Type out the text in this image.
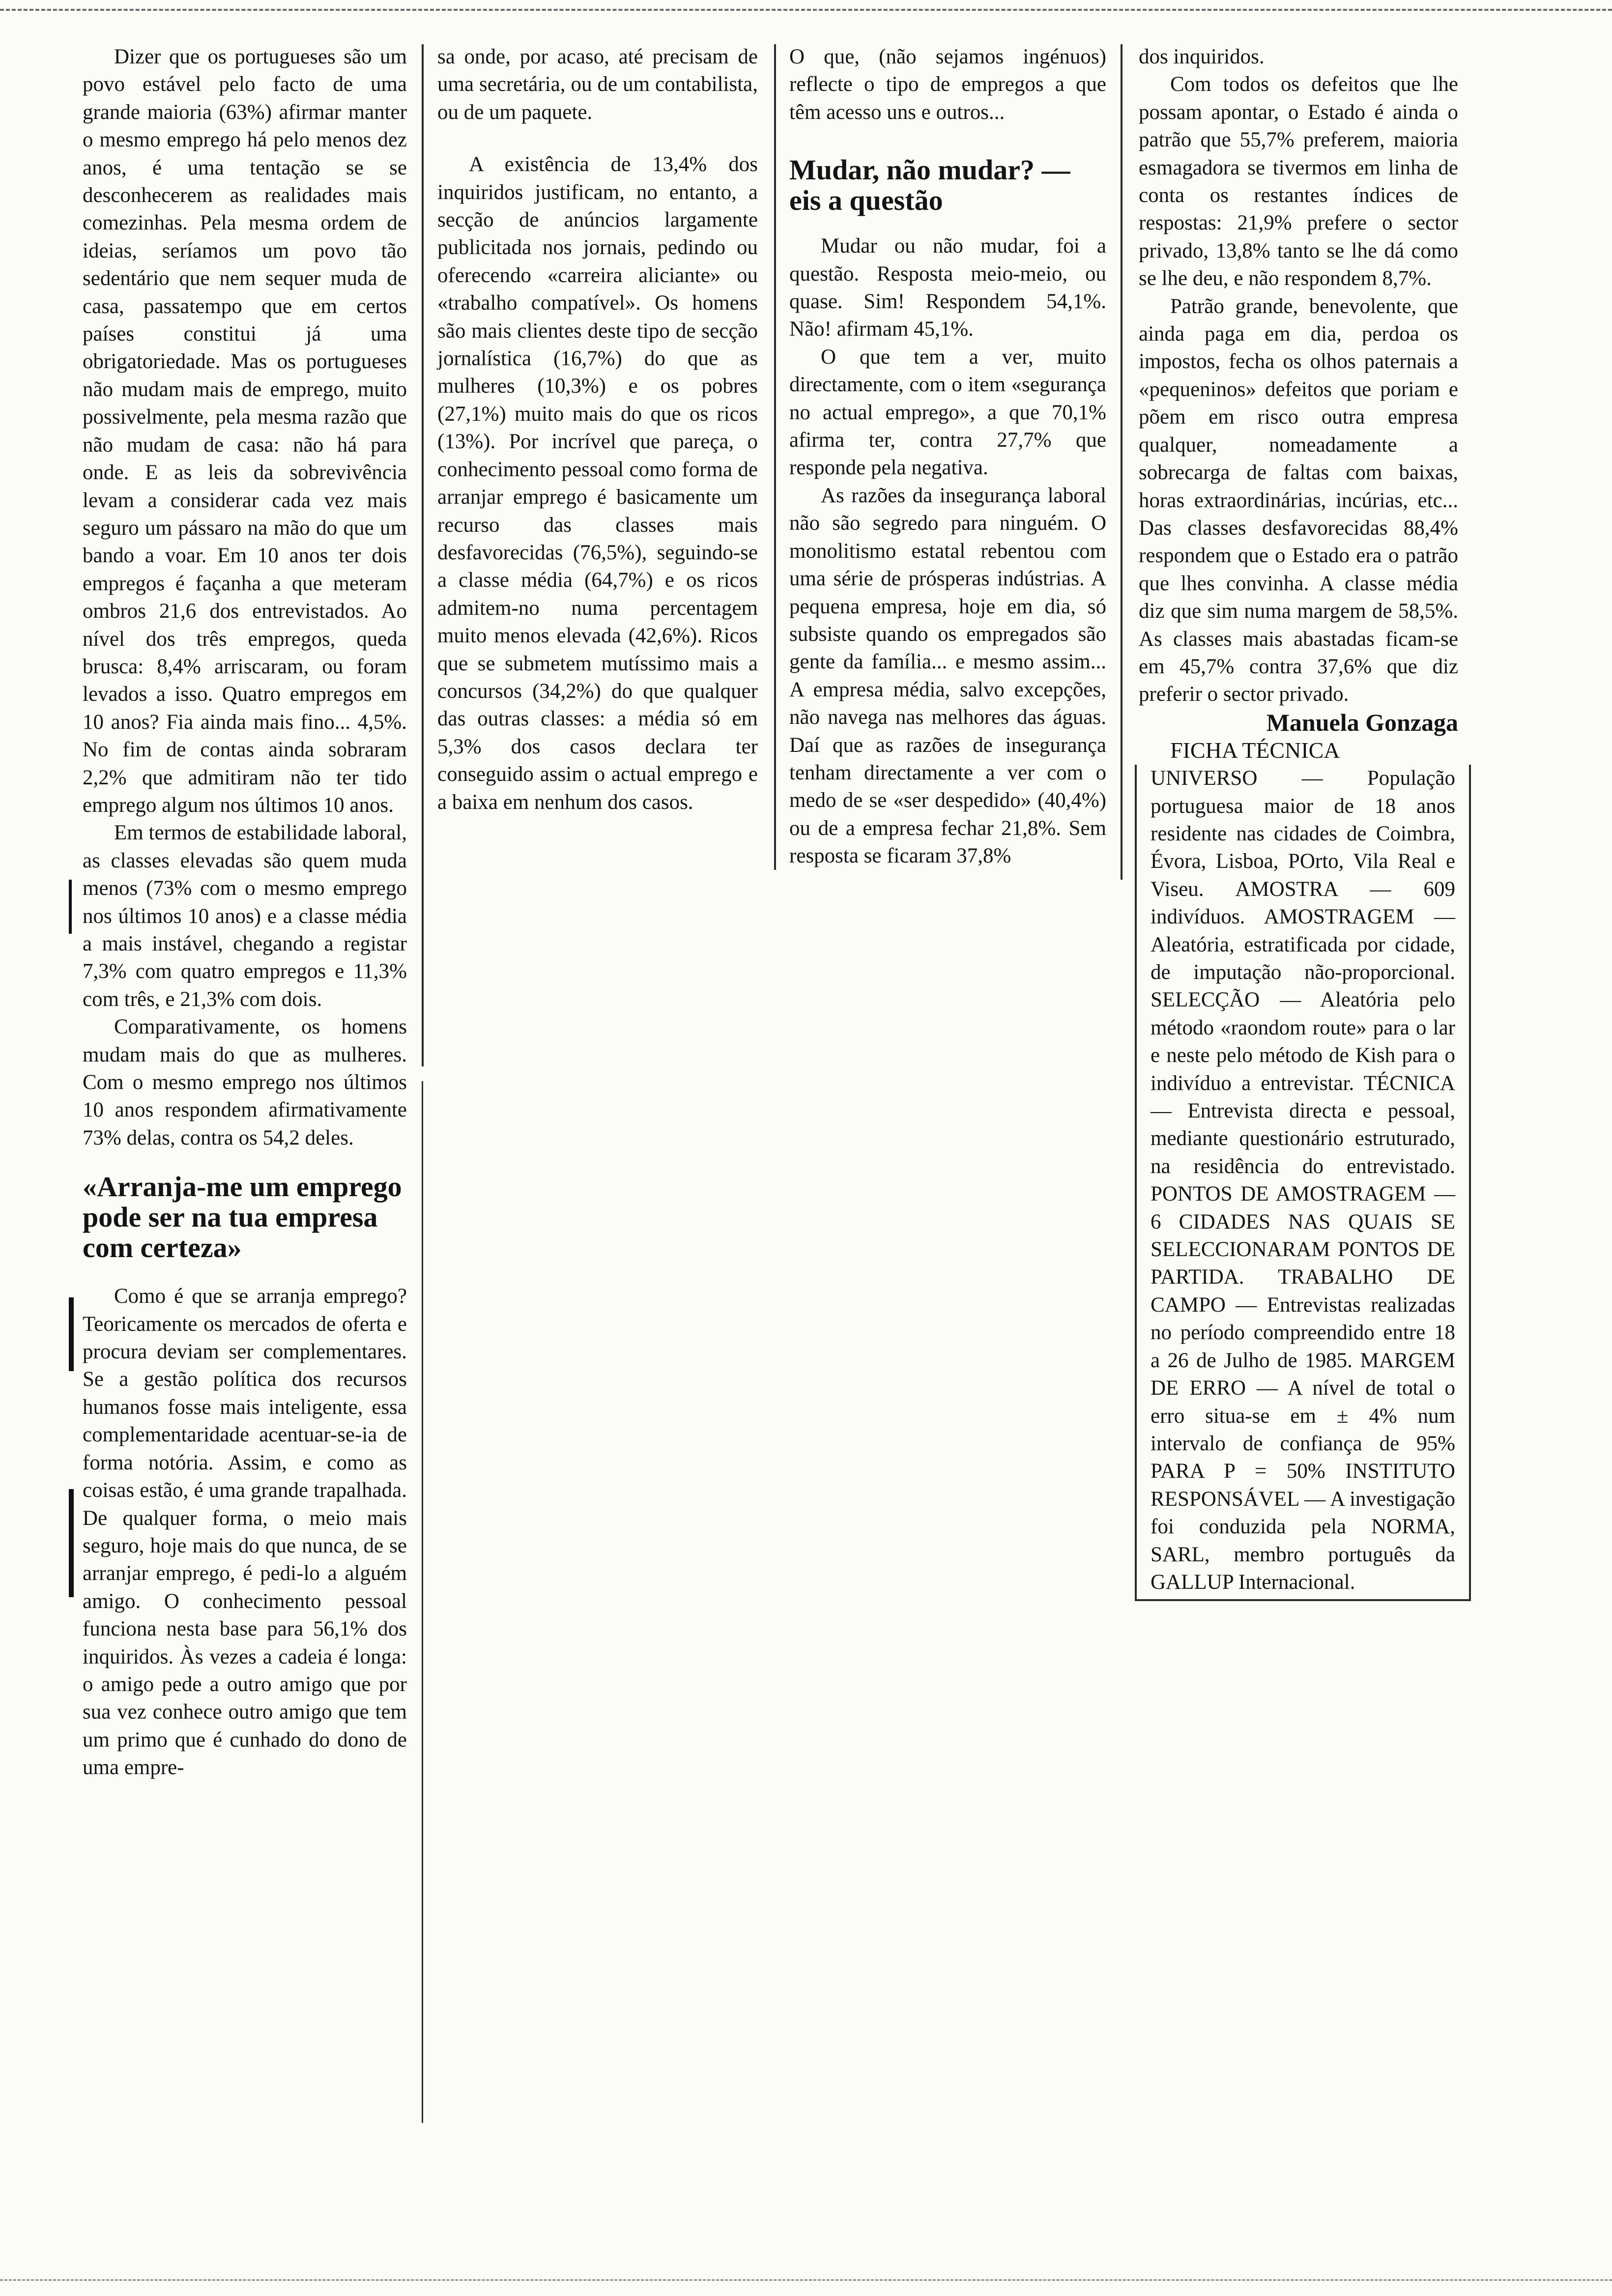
Dizer que os portugueses são um povo estável pelo facto de uma grande maioria (63%) afirmar manter o mesmo emprego há pelo menos dez anos, é uma tentação se se desconhecerem as realidades mais comezinhas. Pela mesma ordem de ideias, seríamos um povo tão sedentário que nem sequer muda de casa, passatempo que em certos países constitui já uma obrigatoriedade. Mas os portugueses não mudam mais de emprego, muito possivelmente, pela mesma razão que não mudam de casa: não há para onde. E as leis da sobrevivência levam a considerar cada vez mais seguro um pássaro na mão do que um bando a voar. Em 10 anos ter dois empregos é façanha a que meteram ombros 21,6 dos entrevistados. Ao nível dos três empregos, queda brusca: 8,4% arriscaram, ou foram levados a isso. Quatro empregos em 10 anos? Fia ainda mais fino... 4,5%. No fim de contas ainda sobraram 2,2% que admitiram não ter tido emprego algum nos últimos 10 anos.

Em termos de estabilidade laboral, as classes elevadas são quem muda menos (73% com o mesmo emprego nos últimos 10 anos) e a classe média a mais instável, chegando a registar 7,3% com quatro empregos e 11,3% com três, e 21,3% com dois.

Comparativamente, os homens mudam mais do que as mulheres. Com o mesmo emprego nos últimos 10 anos respondem afirmativamente 73% delas, contra os 54,2 deles.

«Arranja-me um emprego pode ser na tua empresa com certeza»

Como é que se arranja emprego? Teoricamente os mercados de oferta e procura deviam ser complementares. Se a gestão política dos recursos humanos fosse mais inteligente, essa complementaridade acentuar-se-ia de forma notória. Assim, e como as coisas estão, é uma grande trapalhada. De qualquer forma, o meio mais seguro, hoje mais do que nunca, de se arranjar emprego, é pedi-lo a alguém amigo. O conhecimento pessoal funciona nesta base para 56,1% dos inquiridos. Às vezes a cadeia é longa: o amigo pede a outro amigo que por sua vez conhece outro amigo que tem um primo que é cunhado do dono de uma empre-

sa onde, por acaso, até precisam de uma secretária, ou de um contabilista, ou de um paquete.

A existência de 13,4% dos inquiridos justificam, no entanto, a secção de anúncios largamente publicitada nos jornais, pedindo ou oferecendo «carreira aliciante» ou «trabalho compatível». Os homens são mais clientes deste tipo de secção jornalística (16,7%) do que as mulheres (10,3%) e os pobres (27,1%) muito mais do que os ricos (13%). Por incrível que pareça, o conhecimento pessoal como forma de arranjar emprego é basicamente um recurso das classes mais desfavorecidas (76,5%), seguindo-se a classe média (64,7%) e os ricos admitem-no numa percentagem muito menos elevada (42,6%). Ricos que se submetem mutíssimo mais a concursos (34,2%) do que qualquer das outras classes: a média só em 5,3% dos casos declara ter conseguido assim o actual emprego e a baixa em nenhum dos casos.

O que, (não sejamos ingénuos) reflecte o tipo de empregos a que têm acesso uns e outros...

Mudar, não mudar? — eis a questão

Mudar ou não mudar, foi a questão. Resposta meio-meio, ou quase. Sim! Respondem 54,1%. Não! afirmam 45,1%.

O que tem a ver, muito directamente, com o item «segurança no actual emprego», a que 70,1% afirma ter, contra 27,7% que responde pela negativa.

As razões da insegurança laboral não são segredo para ninguém. O monolitismo estatal rebentou com uma série de prósperas indústrias. A pequena empresa, hoje em dia, só subsiste quando os empregados são gente da família... e mesmo assim... A empresa média, salvo excepções, não navega nas melhores das águas. Daí que as razões de insegurança tenham directamente a ver com o medo de se «ser despedido» (40,4%) ou de a empresa fechar 21,8%. Sem resposta se ficaram 37,8%

dos inquiridos.

Com todos os defeitos que lhe possam apontar, o Estado é ainda o patrão que 55,7% preferem, maioria esmagadora se tivermos em linha de conta os restantes índices de respostas: 21,9% prefere o sector privado, 13,8% tanto se lhe dá como se lhe deu, e não respondem 8,7%.

Patrão grande, benevolente, que ainda paga em dia, perdoa os impostos, fecha os olhos paternais a «pequeninos» defeitos que poriam e põem em risco outra empresa qualquer, nomeadamente a sobrecarga de faltas com baixas, horas extraordinárias, incúrias, etc... Das classes desfavorecidas 88,4% respondem que o Estado era o patrão que lhes convinha. A classe média diz que sim numa margem de 58,5%. As classes mais abastadas ficam-se em 45,7% contra 37,6% que diz preferir o sector privado.

Manuela Gonzaga

FICHA TÉCNICA

UNIVERSO — População portuguesa maior de 18 anos residente nas cidades de Coimbra, Évora, Lisboa, POrto, Vila Real e Viseu. AMOSTRA — 609 indivíduos. AMOSTRAGEM — Aleatória, estratificada por cidade, de imputação não-proporcional. SELECÇÃO — Aleatória pelo método «raondom route» para o lar e neste pelo método de Kish para o indivíduo a entrevistar. TÉCNICA — Entrevista directa e pessoal, mediante questionário estruturado, na residência do entrevistado. PONTOS DE AMOSTRAGEM — 6 CIDADES NAS QUAIS SE SELECCIONARAM PONTOS DE PARTIDA. TRABALHO DE CAMPO — Entrevistas realizadas no período compreendido entre 18 a 26 de Julho de 1985. MARGEM DE ERRO — A nível de total o erro situa-se em ± 4% num intervalo de confiança de 95% PARA P = 50% INSTITUTO RESPONSÁVEL — A investigação foi conduzida pela NORMA, SARL, membro português da GALLUP Internacional.
